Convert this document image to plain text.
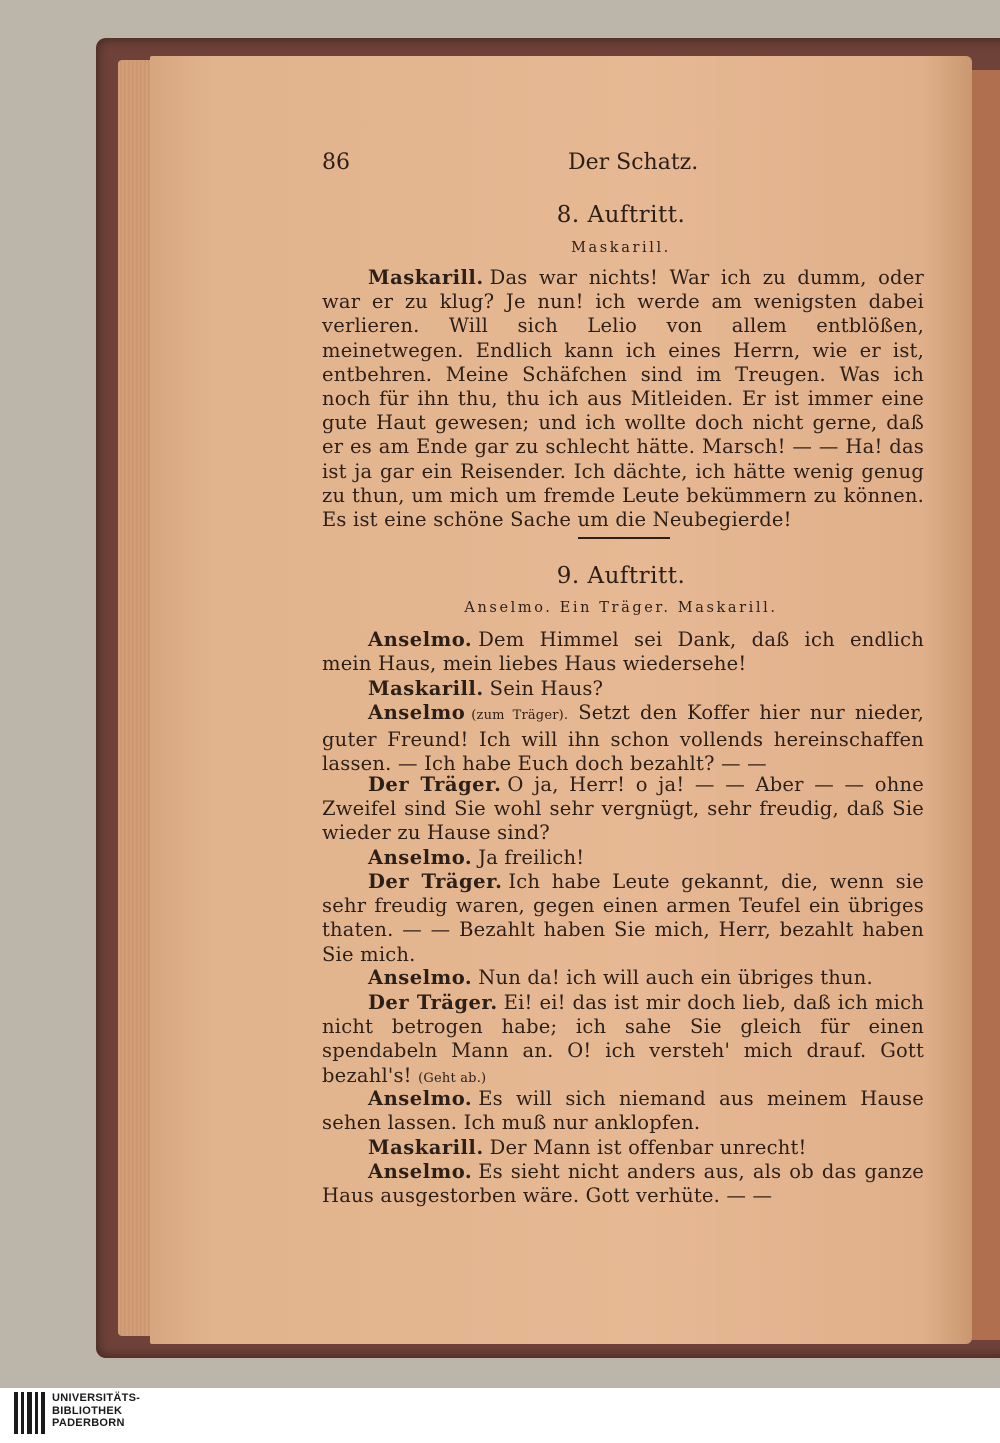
86	Der Schatz.
8. Auftritt.
Maskarill.
Maskarill. Das war nichts! War ich zu dumm, oder war er zu klug? Je nun! ich werde am wenigsten dabei verlieren. Will sich Lelio von allem entblößen, meinetwegen. Endlich kann ich eines Herrn, wie er ist, entbehren. Meine Schäfchen sind im Treugen. Was ich noch für ihn thu, thu ich aus Mitleiden. Er ist immer eine gute Haut gewesen; und ich wollte doch nicht gerne, daß er es am Ende gar zu schlecht hätte. Marsch! — — Ha! das ist ja gar ein Reisender. Ich dächte, ich hätte wenig genug zu thun, um mich um fremde Leute bekümmern zu können. Es ist eine schöne Sache um die Neubegierde!
9. Auftritt.
Anselmo. Ein Träger. Maskarill.
Anselmo. Dem Himmel sei Dank, daß ich endlich mein Haus, mein liebes Haus wiedersehe!
Maskarill. Sein Haus?
Anselmo (zum Träger). Setzt den Koffer hier nur nieder, guter Freund! Ich will ihn schon vollends hereinschaffen lassen. — Ich habe Euch doch bezahlt? — —
Der Träger. O ja, Herr! o ja! — — Aber — — ohne Zweifel sind Sie wohl sehr vergnügt, sehr freudig, daß Sie wieder zu Hause sind?
Anselmo. Ja freilich!
Der Träger. Ich habe Leute gekannt, die, wenn sie sehr freudig waren, gegen einen armen Teufel ein übriges thaten. — — Bezahlt haben Sie mich, Herr, bezahlt haben Sie mich.
Anselmo. Nun da! ich will auch ein übriges thun.
Der Träger. Ei! ei! das ist mir doch lieb, daß ich mich nicht betrogen habe; ich sahe Sie gleich für einen spendabeln Mann an. O! ich versteh' mich drauf. Gott bezahl's! (Geht ab.)
Anselmo. Es will sich niemand aus meinem Hause sehen lassen. Ich muß nur anklopfen.
Maskarill. Der Mann ist offenbar unrecht!
Anselmo. Es sieht nicht anders aus, als ob das ganze Haus ausgestorben wäre. Gott verhüte. — —
UNIVERSITÄTS-
BIBLIOTHEK
PADERBORN
